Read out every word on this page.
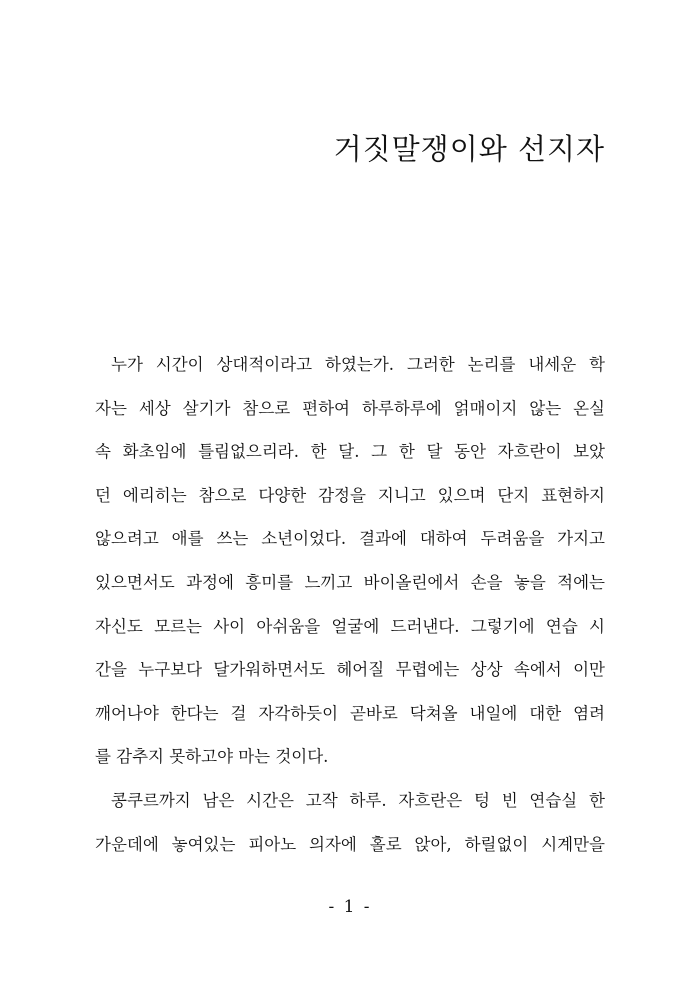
거짓말쟁이와 선지자
누가 시간이 상대적이라고 하였는가. 그러한 논리를 내세운 학
자는 세상 살기가 참으로 편하여 하루하루에 얽매이지 않는 온실
속 화초임에 틀림없으리라. 한 달. 그 한 달 동안 자흐란이 보았
던 에리히는 참으로 다양한 감정을 지니고 있으며 단지 표현하지
않으려고 애를 쓰는 소년이었다. 결과에 대하여 두려움을 가지고
있으면서도 과정에 흥미를 느끼고 바이올린에서 손을 놓을 적에는
자신도 모르는 사이 아쉬움을 얼굴에 드러낸다. 그렇기에 연습 시
간을 누구보다 달가워하면서도 헤어질 무렵에는 상상 속에서 이만
깨어나야 한다는 걸 자각하듯이 곧바로 닥쳐올 내일에 대한 염려
를 감추지 못하고야 마는 것이다.
콩쿠르까지 남은 시간은 고작 하루. 자흐란은 텅 빈 연습실 한
가운데에 놓여있는 피아노 의자에 홀로 앉아, 하릴없이 시계만을
- 1 -
